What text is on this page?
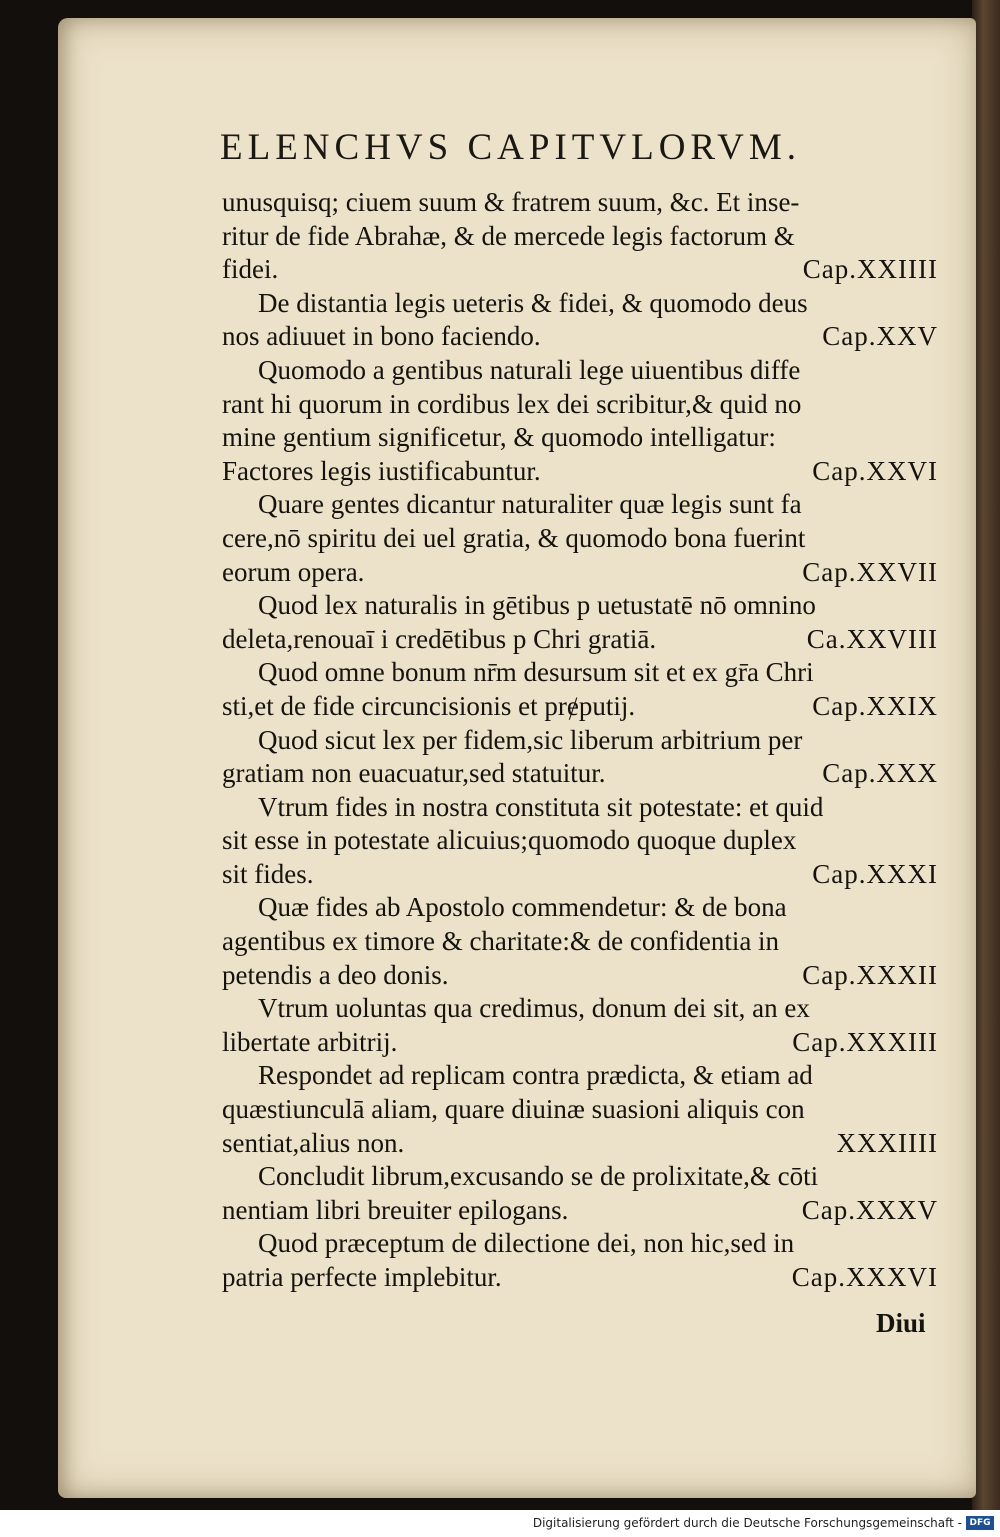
ELENCHVS CAPITVLORVM.
unusquisq; ciuem suum & fratrem suum, &c. Et inse-
ritur de fide Abrahæ, & de mercede legis factorum &
fidei.	Cap.XXIIII
De distantia legis ueteris & fidei, & quomodo deus
nos adiuuet in bono faciendo.	Cap.XXV
Quomodo a gentibus naturali lege uiuentibus diffe
rant hi quorum in cordibus lex dei scribitur,& quid no
mine gentium significetur, & quomodo intelligatur:
Factores legis iustificabuntur.	Cap.XXVI
Quare gentes dicantur naturaliter quæ legis sunt fa
cere,nō spiritu dei uel gratia, & quomodo bona fuerint
eorum opera.	Cap.XXVII
Quod lex naturalis in gētibus p uetustatē nō omnino
deleta,renouaī i credētibus p Chri gratiā.	Ca.XXVIII
Quod omne bonum nr̄m desursum sit et ex gr̄a Chri
sti,et de fide circuncisionis et prɇputij.	Cap.XXIX
Quod sicut lex per fidem,sic liberum arbitrium per
gratiam non euacuatur,sed statuitur.	Cap.XXX
Vtrum fides in nostra constituta sit potestate: et quid
sit esse in potestate alicuius;quomodo quoque duplex
sit fides.	Cap.XXXI
Quæ fides ab Apostolo commendetur: & de bona
agentibus ex timore & charitate:& de confidentia in
petendis a deo donis.	Cap.XXXII
Vtrum uoluntas qua credimus, donum dei sit, an ex
libertate arbitrij.	Cap.XXXIII
Respondet ad replicam contra prædicta, & etiam ad
quæstiunculā aliam, quare diuinæ suasioni aliquis con
sentiat,alius non.	XXXIIII
Concludit librum,excusando se de prolixitate,& cōti
nentiam libri breuiter epilogans.	Cap.XXXV
Quod præceptum de dilectione dei, non hic,sed in
patria perfecte implebitur.	Cap.XXXVI
Diui
Digitalisierung gefördert durch die Deutsche Forschungsgemeinschaft - DFG
